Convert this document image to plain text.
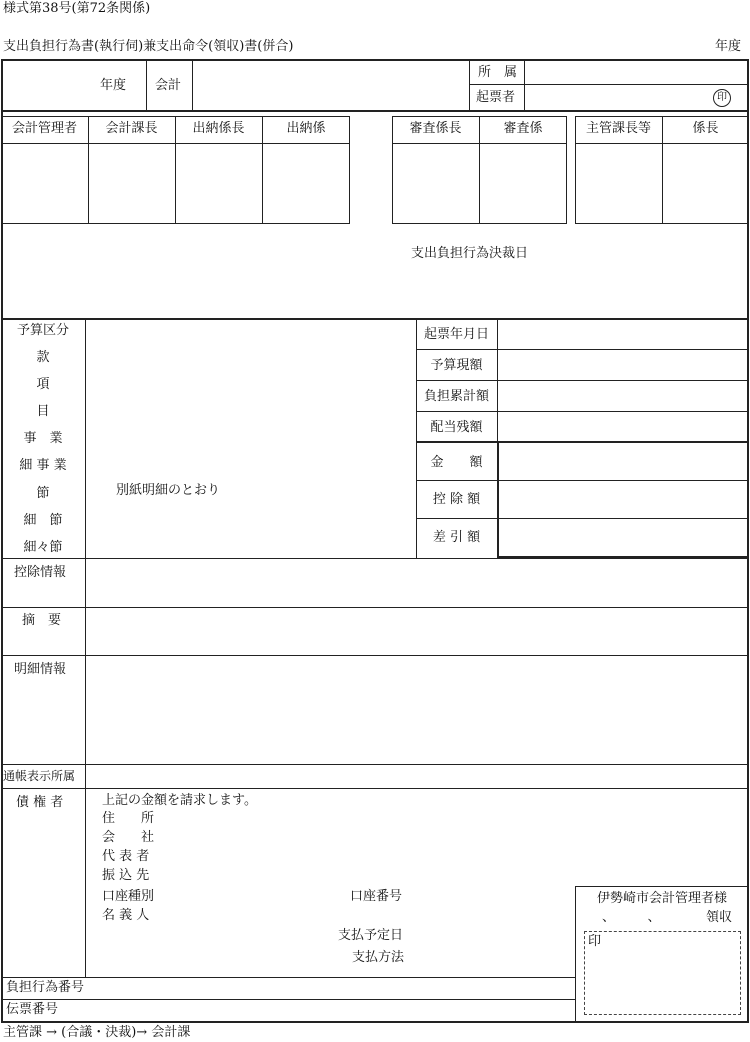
様式第38号(第72条関係)
支出負担行為書(執行伺)兼支出命令(領収)書(併合)	年度
年度 会計
所　属
起票者	印
会計管理者	会計課長	出納係長	出納係	審査係長	審査係	主管課長等	係長
支出負担行為決裁日
予算区分
款
項
目
事　業
細 事 業
節
細　節
細々節
別紙明細のとおり
起票年月日
予算現額
負担累計額
配当残額
金　　額
控 除 額
差 引 額
控除情報
摘　要
明細情報
通帳表示所属
債 権 者	上記の金額を請求します。
住　　所
会　　社
代 表 者
振 込 先
口座種別	口座番号
名 義 人
支払予定日
支払方法
伊勢崎市会計管理者様
、　　　、	領収
印
負担行為番号
伝票番号
主管課 → (合議・決裁)→ 会計課
